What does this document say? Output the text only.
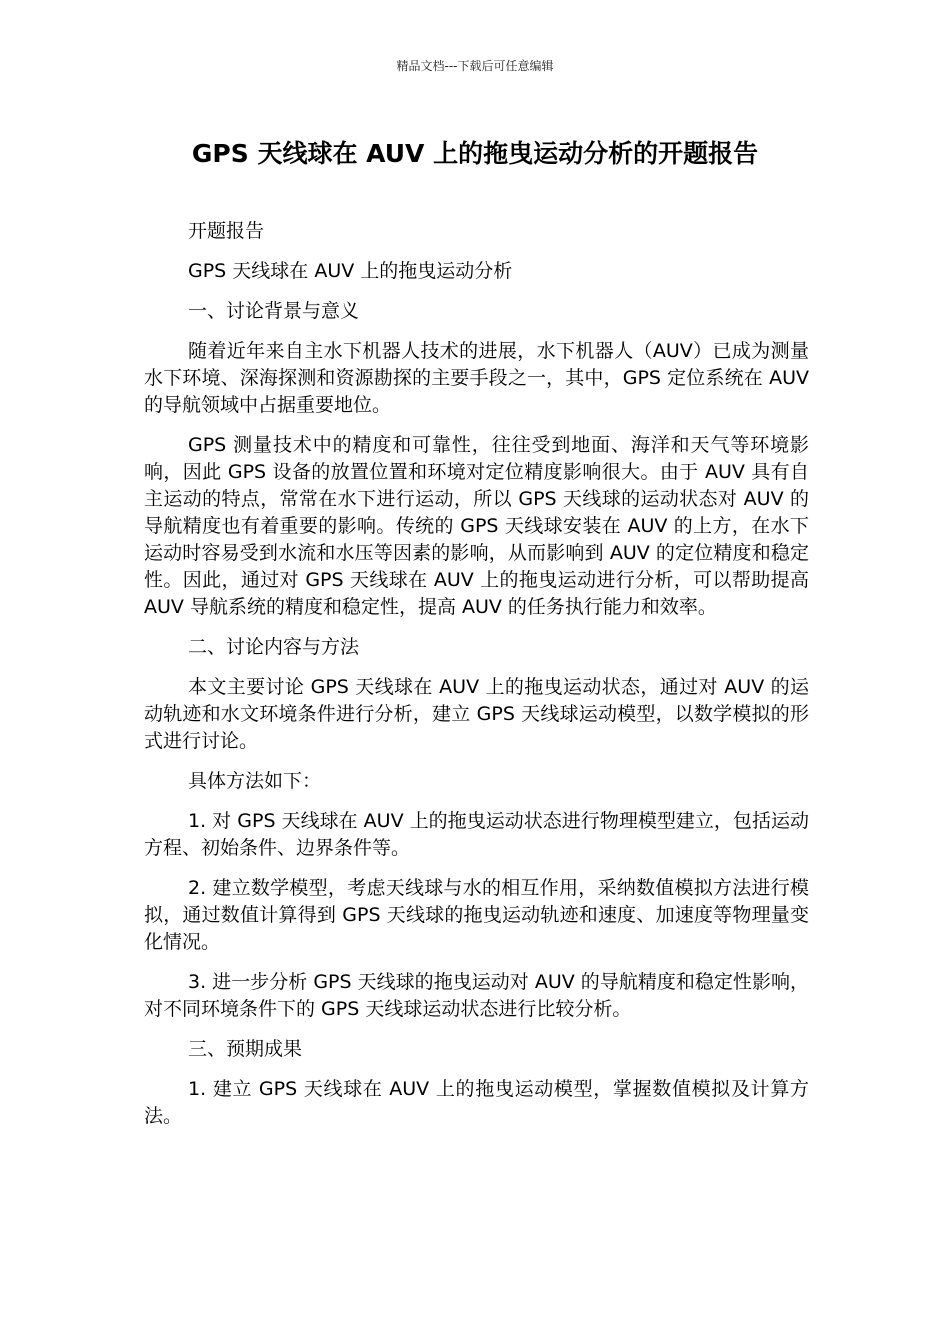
精品文档---下载后可任意编辑
GPS 天线球在 AUV 上的拖曳运动分析的开题报告

开题报告

GPS 天线球在 AUV 上的拖曳运动分析

一、讨论背景与意义

随着近年来自主水下机器人技术的进展，水下机器人（AUV）已成为测量水下环境、深海探测和资源勘探的主要手段之一，其中，GPS 定位系统在 AUV 的导航领域中占据重要地位。

GPS 测量技术中的精度和可靠性，往往受到地面、海洋和天气等环境影响，因此 GPS 设备的放置位置和环境对定位精度影响很大。由于 AUV 具有自主运动的特点，常常在水下进行运动，所以 GPS 天线球的运动状态对 AUV 的导航精度也有着重要的影响。传统的 GPS 天线球安装在 AUV 的上方，在水下运动时容易受到水流和水压等因素的影响，从而影响到 AUV 的定位精度和稳定性。因此，通过对 GPS 天线球在 AUV 上的拖曳运动进行分析，可以帮助提高 AUV 导航系统的精度和稳定性，提高 AUV 的任务执行能力和效率。

二、讨论内容与方法

本文主要讨论 GPS 天线球在 AUV 上的拖曳运动状态，通过对 AUV 的运动轨迹和水文环境条件进行分析，建立 GPS 天线球运动模型，以数学模拟的形式进行讨论。

具体方法如下：

1. 对 GPS 天线球在 AUV 上的拖曳运动状态进行物理模型建立，包括运动方程、初始条件、边界条件等。

2. 建立数学模型，考虑天线球与水的相互作用，采纳数值模拟方法进行模拟，通过数值计算得到 GPS 天线球的拖曳运动轨迹和速度、加速度等物理量变化情况。

3. 进一步分析 GPS 天线球的拖曳运动对 AUV 的导航精度和稳定性影响，对不同环境条件下的 GPS 天线球运动状态进行比较分析。

三、预期成果

1. 建立 GPS 天线球在 AUV 上的拖曳运动模型，掌握数值模拟及计算方法。
